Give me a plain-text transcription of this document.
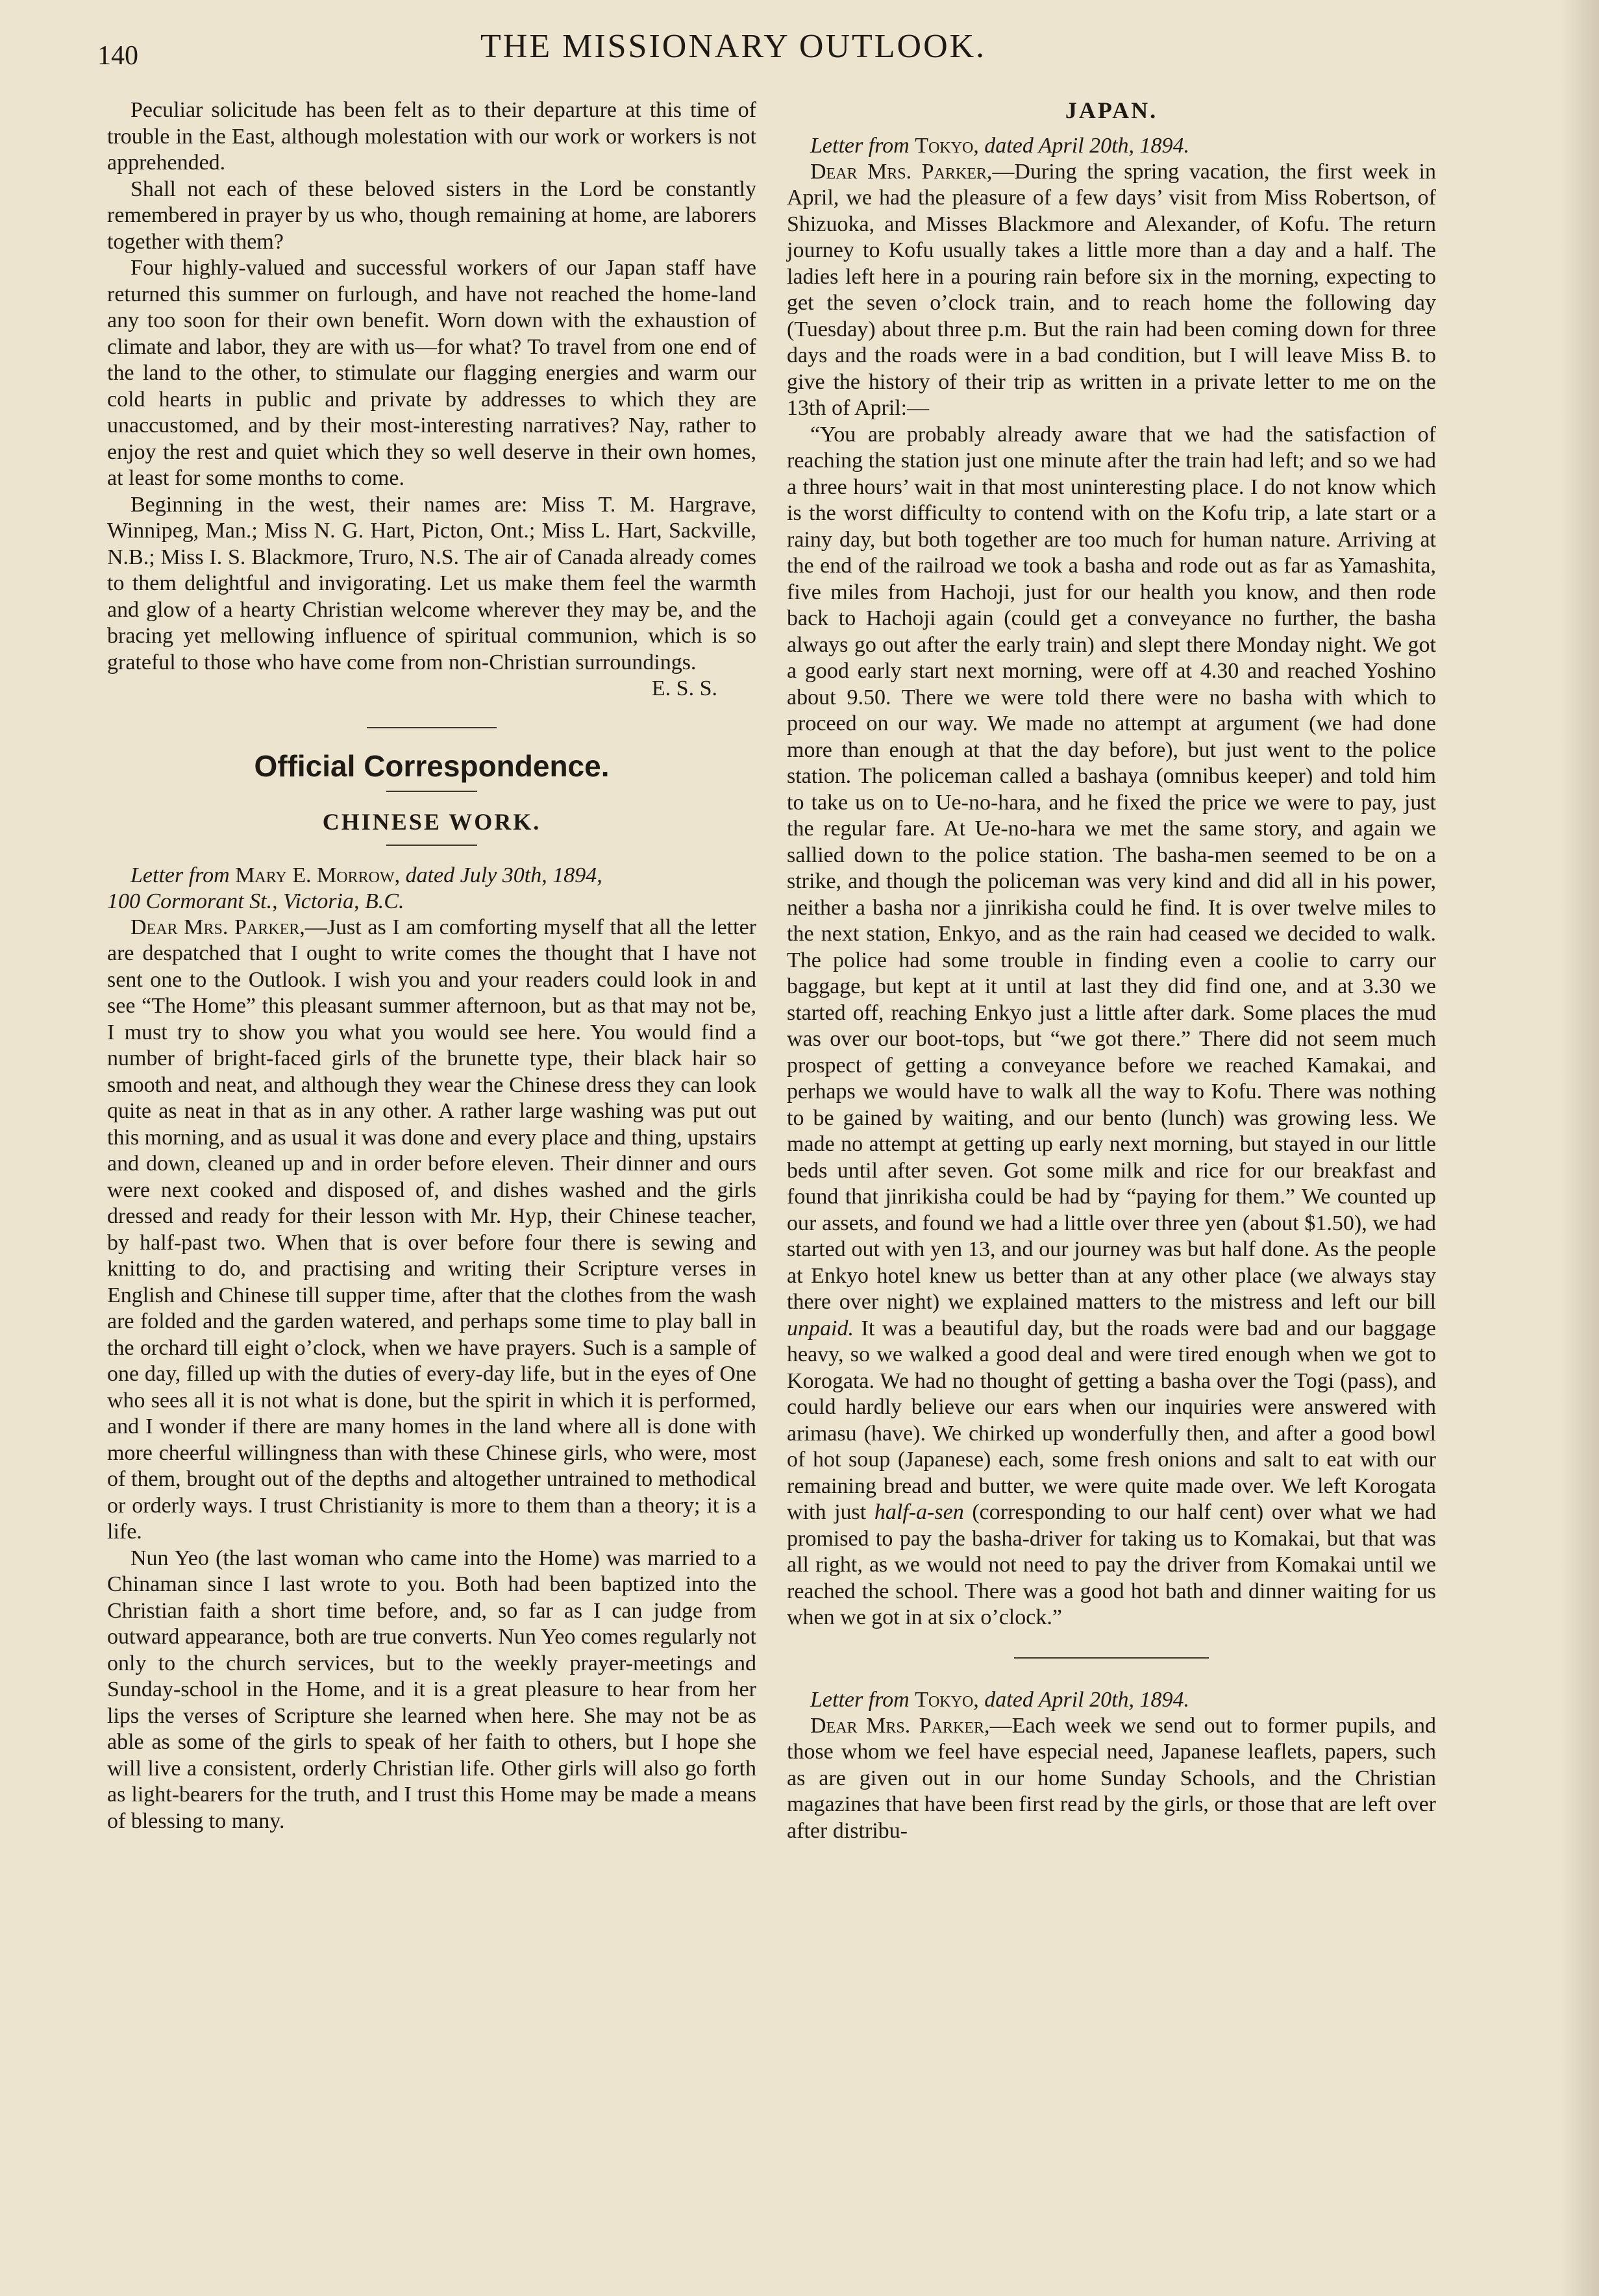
140	THE MISSIONARY OUTLOOK.

Peculiar solicitude has been felt as to their departure at this time of trouble in the East, although molestation with our work or workers is not apprehended.

Shall not each of these beloved sisters in the Lord be constantly remembered in prayer by us who, though remaining at home, are laborers together with them?

Four highly-valued and successful workers of our Japan staff have returned this summer on furlough, and have not reached the home-land any too soon for their own benefit. Worn down with the exhaustion of climate and labor, they are with us—for what? To travel from one end of the land to the other, to stimulate our flagging energies and warm our cold hearts in public and private by addresses to which they are unaccustomed, and by their most-interesting narratives? Nay, rather to enjoy the rest and quiet which they so well deserve in their own homes, at least for some months to come.

Beginning in the west, their names are: Miss T. M. Hargrave, Winnipeg, Man.; Miss N. G. Hart, Picton, Ont.; Miss L. Hart, Sackville, N.B.; Miss I. S. Blackmore, Truro, N.S. The air of Canada already comes to them delightful and invigorating. Let us make them feel the warmth and glow of a hearty Christian welcome wherever they may be, and the bracing yet mellowing influence of spiritual communion, which is so grateful to those who have come from non-Christian surroundings.

E. S. S.

Official Correspondence.
CHINESE WORK.

Letter from Mary E. Morrow, dated July 30th, 1894,
100 Cormorant St., Victoria, B.C.

Dear Mrs. Parker,—Just as I am comforting myself that all the letter are despatched that I ought to write comes the thought that I have not sent one to the Outlook. I wish you and your readers could look in and see “The Home” this pleasant summer afternoon, but as that may not be, I must try to show you what you would see here. You would find a number of bright-faced girls of the brunette type, their black hair so smooth and neat, and although they wear the Chinese dress they can look quite as neat in that as in any other. A rather large washing was put out this morning, and as usual it was done and every place and thing, upstairs and down, cleaned up and in order before eleven. Their dinner and ours were next cooked and disposed of, and dishes washed and the girls dressed and ready for their lesson with Mr. Hyp, their Chinese teacher, by half-past two. When that is over before four there is sewing and knitting to do, and practising and writing their Scripture verses in English and Chinese till supper time, after that the clothes from the wash are folded and the garden watered, and perhaps some time to play ball in the orchard till eight o’clock, when we have prayers. Such is a sample of one day, filled up with the duties of every-day life, but in the eyes of One who sees all it is not what is done, but the spirit in which it is performed, and I wonder if there are many homes in the land where all is done with more cheerful willingness than with these Chinese girls, who were, most of them, brought out of the depths and altogether untrained to methodical or orderly ways. I trust Christianity is more to them than a theory; it is a life.

Nun Yeo (the last woman who came into the Home) was married to a Chinaman since I last wrote to you. Both had been baptized into the Christian faith a short time before, and, so far as I can judge from outward appearance, both are true converts. Nun Yeo comes regularly not only to the church services, but to the weekly prayer-meetings and Sunday-school in the Home, and it is a great pleasure to hear from her lips the verses of Scripture she learned when here. She may not be as able as some of the girls to speak of her faith to others, but I hope she will live a consistent, orderly Christian life. Other girls will also go forth as light-bearers for the truth, and I trust this Home may be made a means of blessing to many.

JAPAN.

Letter from Tokyo, dated April 20th, 1894.

Dear Mrs. Parker,—During the spring vacation, the first week in April, we had the pleasure of a few days’ visit from Miss Robertson, of Shizuoka, and Misses Blackmore and Alexander, of Kofu. The return journey to Kofu usually takes a little more than a day and a half. The ladies left here in a pouring rain before six in the morning, expecting to get the seven o’clock train, and to reach home the following day (Tuesday) about three p.m. But the rain had been coming down for three days and the roads were in a bad condition, but I will leave Miss B. to give the history of their trip as written in a private letter to me on the 13th of April:—

“You are probably already aware that we had the satisfaction of reaching the station just one minute after the train had left; and so we had a three hours’ wait in that most uninteresting place. I do not know which is the worst difficulty to contend with on the Kofu trip, a late start or a rainy day, but both together are too much for human nature. Arriving at the end of the railroad we took a basha and rode out as far as Yamashita, five miles from Hachoji, just for our health you know, and then rode back to Hachoji again (could get a conveyance no further, the basha always go out after the early train) and slept there Monday night. We got a good early start next morning, were off at 4.30 and reached Yoshino about 9.50. There we were told there were no basha with which to proceed on our way. We made no attempt at argument (we had done more than enough at that the day before), but just went to the police station. The policeman called a bashaya (omnibus keeper) and told him to take us on to Ue-no-hara, and he fixed the price we were to pay, just the regular fare. At Ue-no-hara we met the same story, and again we sallied down to the police station. The basha-men seemed to be on a strike, and though the policeman was very kind and did all in his power, neither a basha nor a jinrikisha could he find. It is over twelve miles to the next station, Enkyo, and as the rain had ceased we decided to walk. The police had some trouble in finding even a coolie to carry our baggage, but kept at it until at last they did find one, and at 3.30 we started off, reaching Enkyo just a little after dark. Some places the mud was over our boot-tops, but “we got there.” There did not seem much prospect of getting a conveyance before we reached Kamakai, and perhaps we would have to walk all the way to Kofu. There was nothing to be gained by waiting, and our bento (lunch) was growing less. We made no attempt at getting up early next morning, but stayed in our little beds until after seven. Got some milk and rice for our breakfast and found that jinrikisha could be had by “paying for them.” We counted up our assets, and found we had a little over three yen (about $1.50), we had started out with yen 13, and our journey was but half done. As the people at Enkyo hotel knew us better than at any other place (we always stay there over night) we explained matters to the mistress and left our bill unpaid. It was a beautiful day, but the roads were bad and our baggage heavy, so we walked a good deal and were tired enough when we got to Korogata. We had no thought of getting a basha over the Togi (pass), and could hardly believe our ears when our inquiries were answered with arimasu (have). We chirked up wonderfully then, and after a good bowl of hot soup (Japanese) each, some fresh onions and salt to eat with our remaining bread and butter, we were quite made over. We left Korogata with just half-a-sen (corresponding to our half cent) over what we had promised to pay the basha-driver for taking us to Komakai, but that was all right, as we would not need to pay the driver from Komakai until we reached the school. There was a good hot bath and dinner waiting for us when we got in at six o’clock.”

Letter from Tokyo, dated April 20th, 1894.

Dear Mrs. Parker,—Each week we send out to former pupils, and those whom we feel have especial need, Japanese leaflets, papers, such as are given out in our home Sunday Schools, and the Christian magazines that have been first read by the girls, or those that are left over after distribu-
